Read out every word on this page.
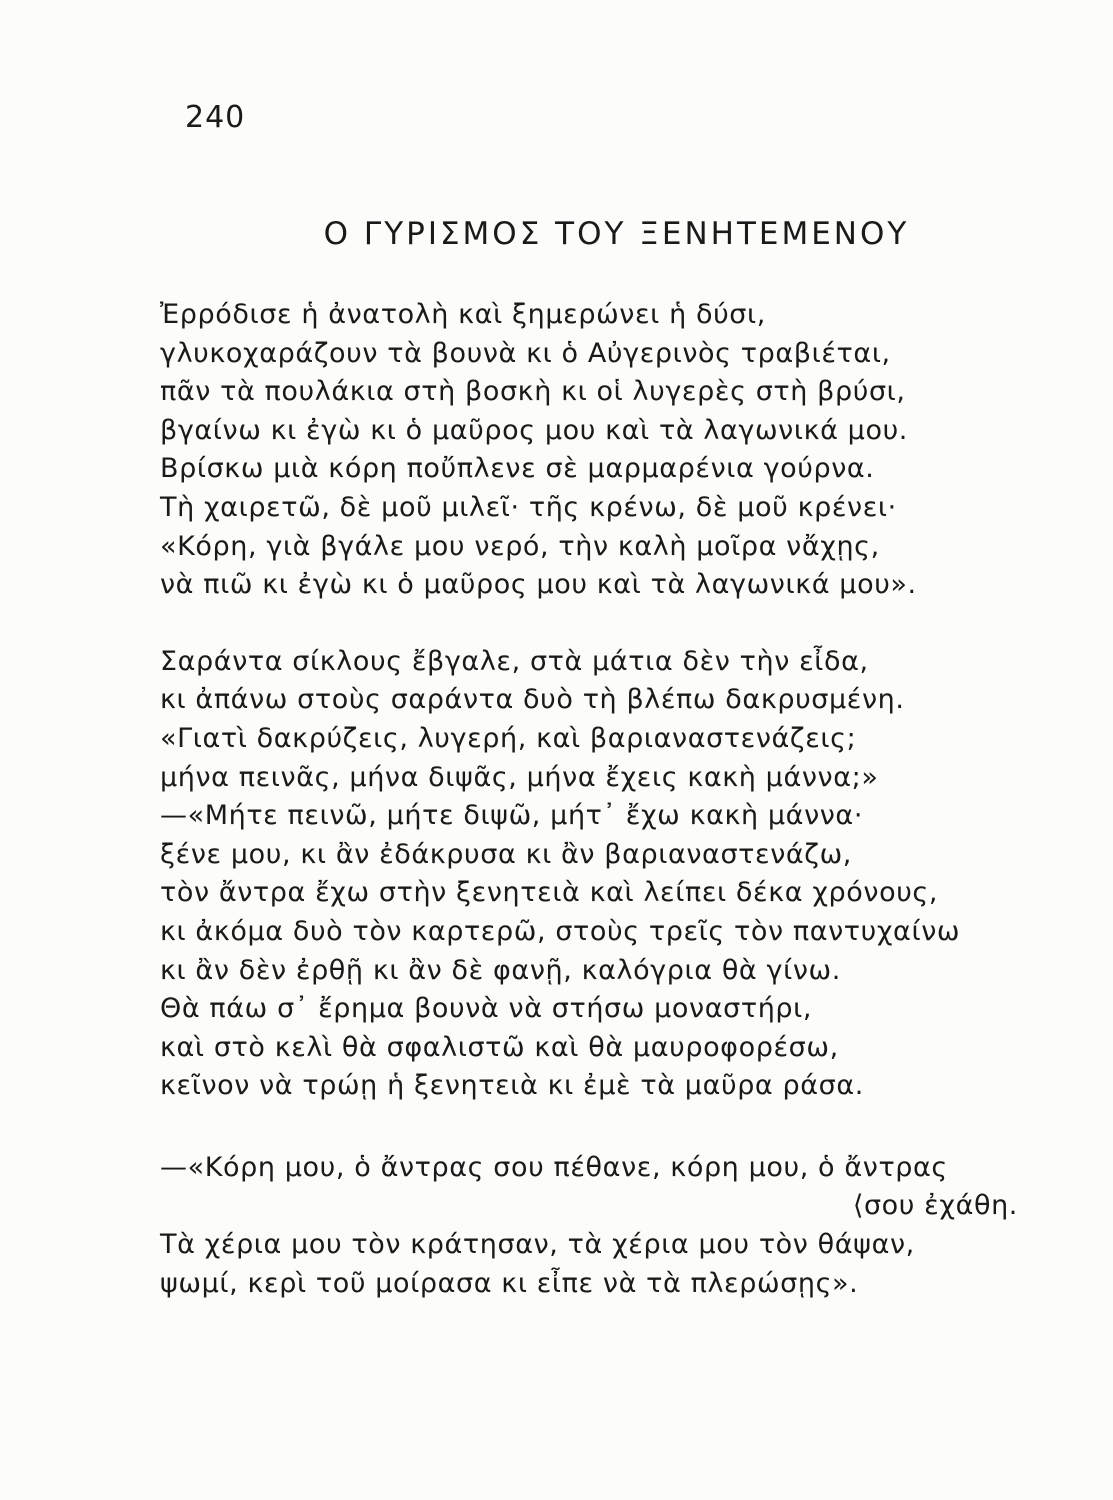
240
Ο ΓΥΡΙΣΜΟΣ ΤΟΥ ΞΕΝΗΤΕΜΕΝΟΥ
Ἐρρόδισε ἡ ἀνατολὴ καὶ ξημερώνει ἡ δύσι,
γλυκοχαράζουν τὰ βουνὰ κι ὁ Αὐγερινὸς τραβιέται,
πᾶν τὰ πουλάκια στὴ βοσκὴ κι οἱ λυγερὲς στὴ βρύσι,
βγαίνω κι ἐγὼ κι ὁ μαῦρος μου καὶ τὰ λαγωνικά μου.
Βρίσκω μιὰ κόρη ποὔπλενε σὲ μαρμαρένια γούρνα.
Τὴ χαιρετῶ, δὲ μοῦ μιλεῖ· τῆς κρένω, δὲ μοῦ κρένει·
«Κόρη, γιὰ βγάλε μου νερό, τὴν καλὴ μοῖρα νἄχῃς,
νὰ πιῶ κι ἐγὼ κι ὁ μαῦρος μου καὶ τὰ λαγωνικά μου».
Σαράντα σίκλους ἔβγαλε, στὰ μάτια δὲν τὴν εἶδα,
κι ἀπάνω στοὺς σαράντα δυὸ τὴ βλέπω δακρυσμένη.
«Γιατὶ δακρύζεις, λυγερή, καὶ βαριαναστενάζεις;
μήνα πεινᾶς, μήνα διψᾶς, μήνα ἔχεις κακὴ μάννα;»
—«Μήτε πεινῶ, μήτε διψῶ, μήτ᾽ ἔχω κακὴ μάννα·
ξένε μου, κι ἂν ἐδάκρυσα κι ἂν βαριαναστενάζω,
τὸν ἄντρα ἔχω στὴν ξενητειὰ καὶ λείπει δέκα χρόνους,
κι ἀκόμα δυὸ τὸν καρτερῶ, στοὺς τρεῖς τὸν παντυχαίνω
κι ἂν δὲν ἐρθῇ κι ἂν δὲ φανῇ, καλόγρια θὰ γίνω.
Θὰ πάω σ᾽ ἔρημα βουνὰ νὰ στήσω μοναστήρι,
καὶ στὸ κελὶ θὰ σφαλιστῶ καὶ θὰ μαυροφορέσω,
κεῖνον νὰ τρώῃ ἡ ξενητειὰ κι ἐμὲ τὰ μαῦρα ράσα.
—«Κόρη μου, ὁ ἄντρας σου πέθανε, κόρη μου, ὁ ἄντρας
⟨σου ἐχάθη.
Τὰ χέρια μου τὸν κράτησαν, τὰ χέρια μου τὸν θάψαν,
ψωμί, κερὶ τοῦ μοίρασα κι εἶπε νὰ τὰ πλερώσῃς».
